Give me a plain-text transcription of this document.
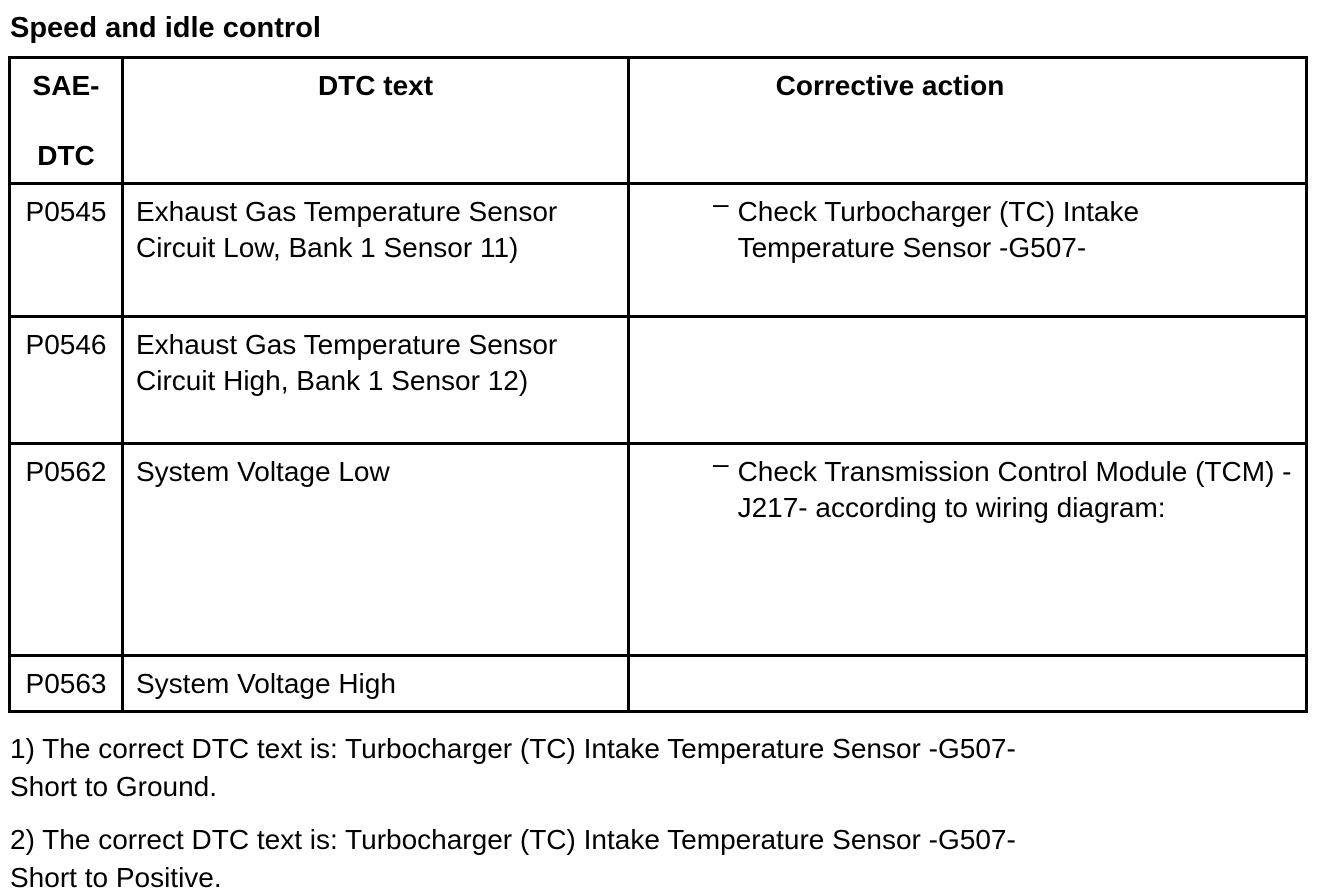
Speed and idle control
SAE-
DTC	DTC text	Corrective action
P0545	Exhaust Gas Temperature Sensor Circuit Low, Bank 1 Sensor 11)	– Check Turbocharger (TC) Intake Temperature Sensor -G507-

P0546	Exhaust Gas Temperature Sensor Circuit High, Bank 1 Sensor 12)	

P0562	System Voltage Low	– Check Transmission Control Module (TCM) -J217- according to wiring diagram:

P0563	System Voltage High	

1) The correct DTC text is: Turbocharger (TC) Intake Temperature Sensor -G507-
Short to Ground.
2) The correct DTC text is: Turbocharger (TC) Intake Temperature Sensor -G507-
Short to Positive.
